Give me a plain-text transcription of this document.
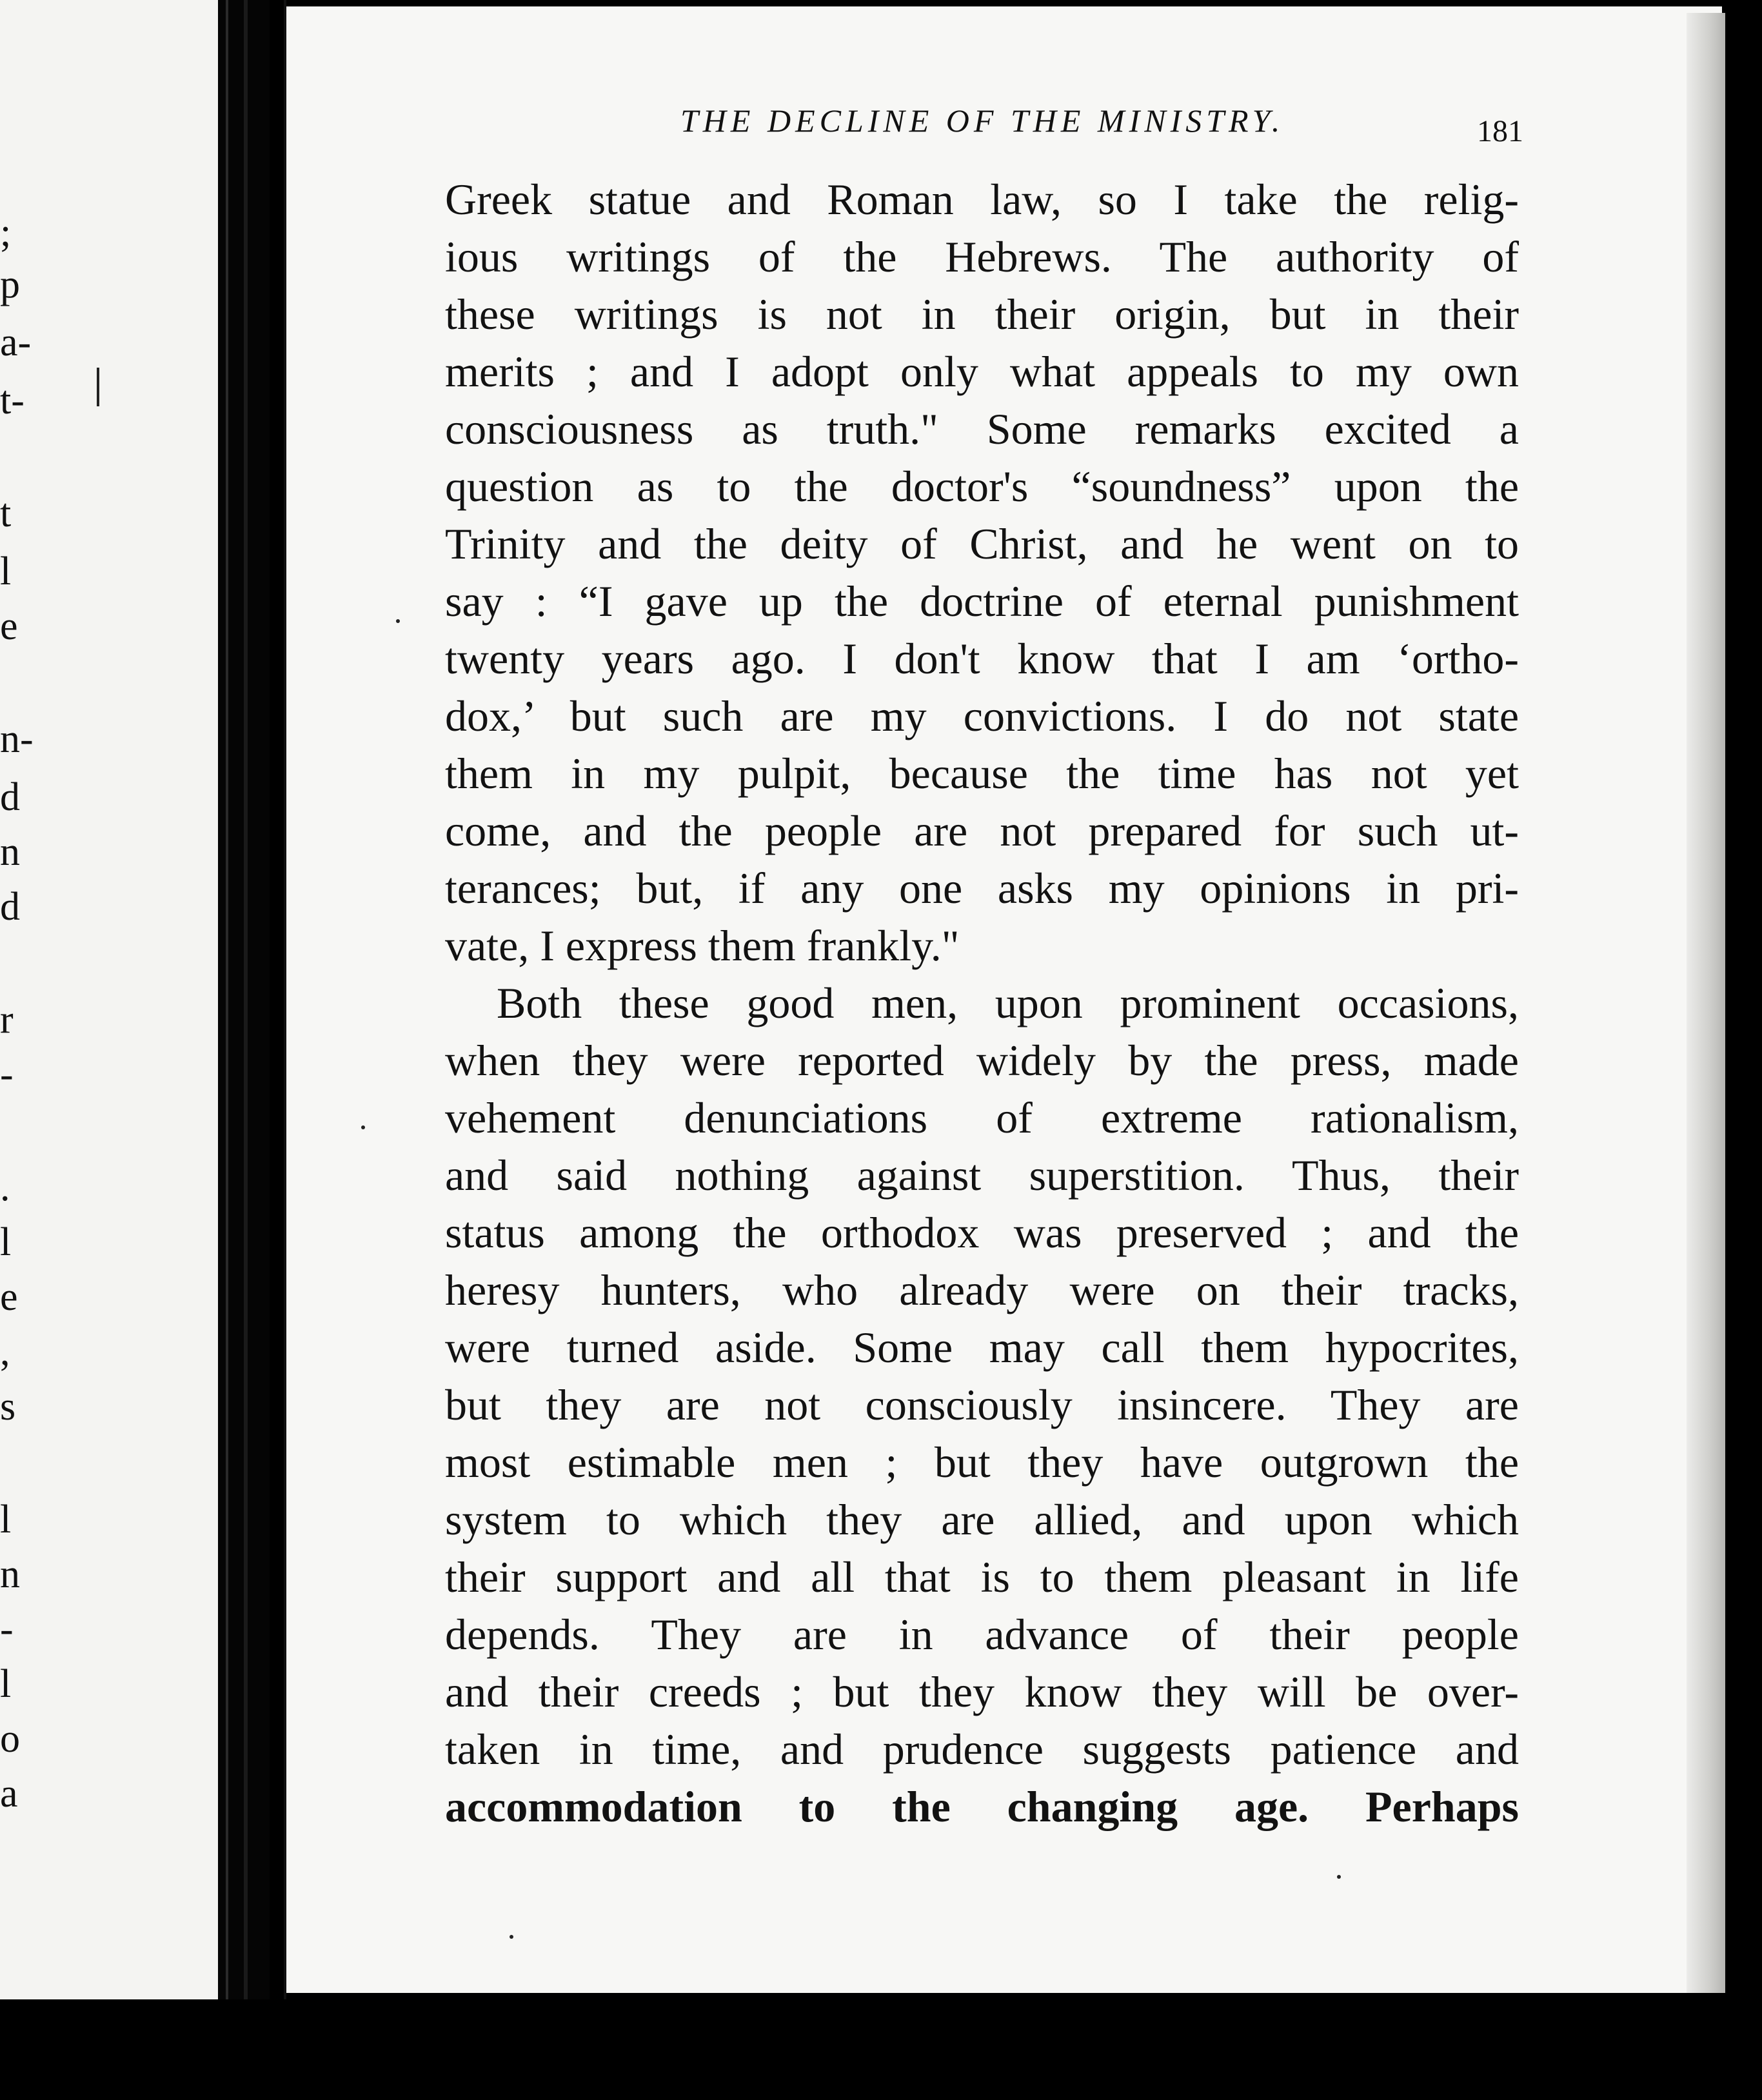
;
p
a-
t-
t
l
e
n-
d
n
d
r
-
.
l
e
,
s
l
n
-
l
o
a
THE DECLINE OF THE MINISTRY.	181
Greek statue and Roman law, so I take the relig-
ious writings of the Hebrews. The authority of
these writings is not in their origin, but in their
merits ; and I adopt only what appeals to my own
consciousness as truth." Some remarks excited a
question as to the doctor's “soundness” upon the
Trinity and the deity of Christ, and he went on to
say : “I gave up the doctrine of eternal punishment
twenty years ago. I don't know that I am ‘ortho-
dox,’ but such are my convictions. I do not state
them in my pulpit, because the time has not yet
come, and the people are not prepared for such ut-
terances; but, if any one asks my opinions in pri-
vate, I express them frankly."
Both these good men, upon prominent occasions,
when they were reported widely by the press, made
vehement denunciations of extreme rationalism,
and said nothing against superstition. Thus, their
status among the orthodox was preserved ; and the
heresy hunters, who already were on their tracks,
were turned aside. Some may call them hypocrites,
but they are not consciously insincere. They are
most estimable men ; but they have outgrown the
system to which they are allied, and upon which
their support and all that is to them pleasant in life
depends. They are in advance of their people
and their creeds ; but they know they will be over-
taken in time, and prudence suggests patience and
accommodation to the changing age. Perhaps
